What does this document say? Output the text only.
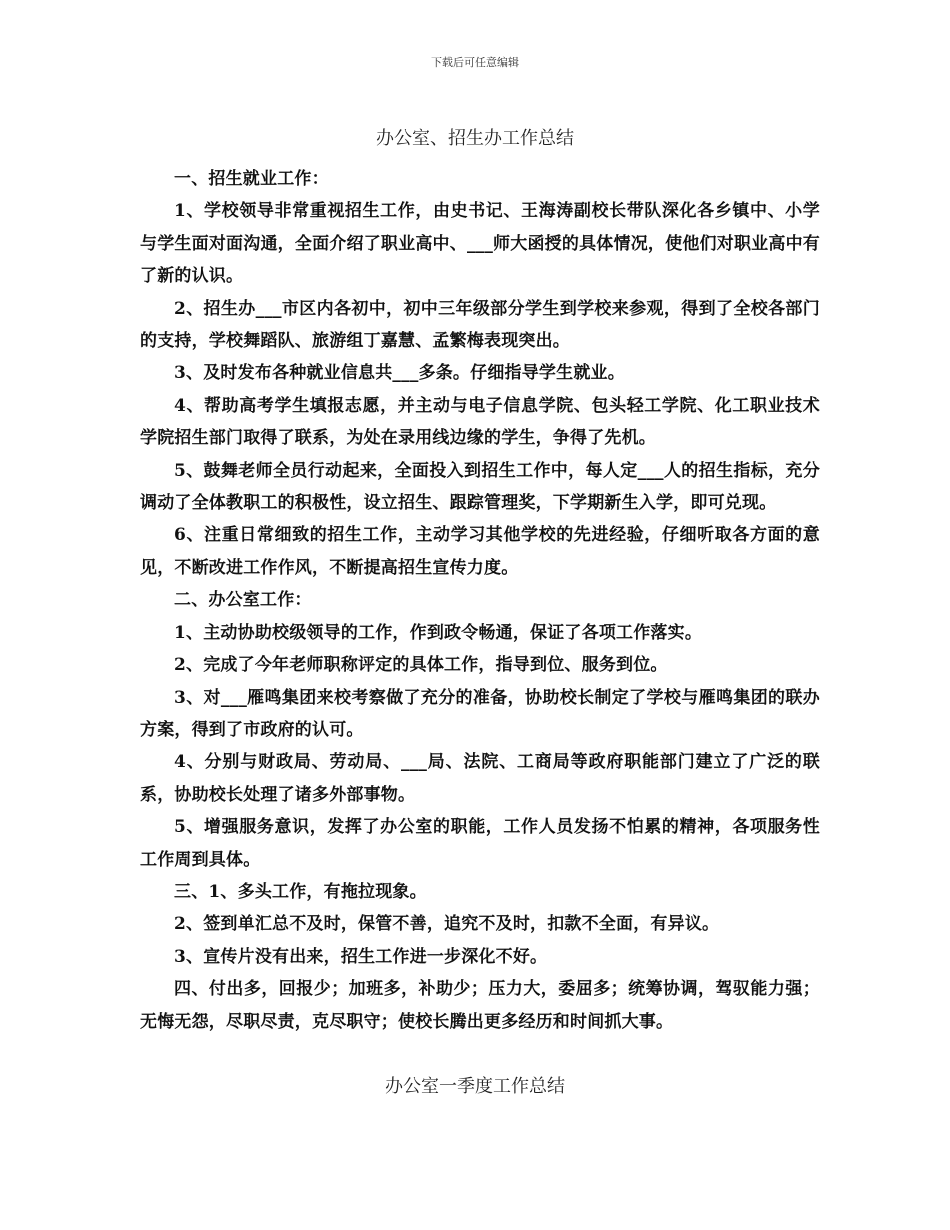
下载后可任意编辑
办公室、招生办工作总结

一、招生就业工作：

1、学校领导非常重视招生工作，由史书记、王海涛副校长带队深化各乡镇中、小学与学生面对面沟通，全面介绍了职业高中、___师大函授的具体情况，使他们对职业高中有了新的认识。

2、招生办___市区内各初中，初中三年级部分学生到学校来参观，得到了全校各部门的支持，学校舞蹈队、旅游组丁嘉慧、孟繁梅表现突出。

3、及时发布各种就业信息共___多条。仔细指导学生就业。

4、帮助高考学生填报志愿，并主动与电子信息学院、包头轻工学院、化工职业技术学院招生部门取得了联系，为处在录用线边缘的学生，争得了先机。

5、鼓舞老师全员行动起来，全面投入到招生工作中，每人定___人的招生指标，充分调动了全体教职工的积极性，设立招生、跟踪管理奖，下学期新生入学，即可兑现。

6、注重日常细致的招生工作，主动学习其他学校的先进经验，仔细听取各方面的意见，不断改进工作作风，不断提高招生宣传力度。

二、办公室工作：

1、主动协助校级领导的工作，作到政令畅通，保证了各项工作落实。

2、完成了今年老师职称评定的具体工作，指导到位、服务到位。

3、对___雁鸣集团来校考察做了充分的准备，协助校长制定了学校与雁鸣集团的联办方案，得到了市政府的认可。

4、分别与财政局、劳动局、___局、法院、工商局等政府职能部门建立了广泛的联系，协助校长处理了诸多外部事物。

5、增强服务意识，发挥了办公室的职能，工作人员发扬不怕累的精神，各项服务性工作周到具体。

三、1、多头工作，有拖拉现象。

2、签到单汇总不及时，保管不善，追究不及时，扣款不全面，有异议。

3、宣传片没有出来，招生工作进一步深化不好。

四、付出多，回报少；加班多，补助少；压力大，委屈多；统筹协调，驾驭能力强；无悔无怨，尽职尽责，克尽职守；使校长腾出更多经历和时间抓大事。

办公室一季度工作总结
